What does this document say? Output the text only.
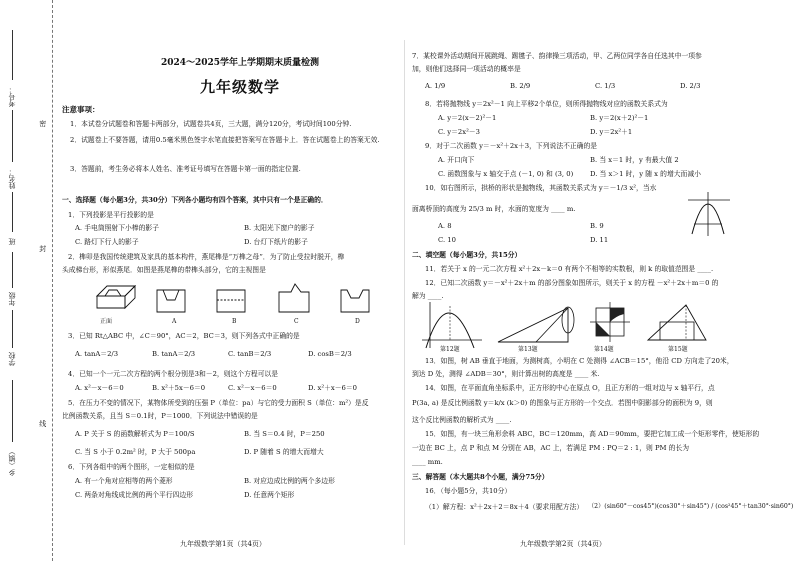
考号：
姓名：
班
年级
学校
乡（镇）
密
封
线
2024～2025学年上学期期末质量检测
九年级数学
注意事项：
1．本试卷分试题卷和答题卡两部分，试题卷共4页，三大题，满分120分，考试时间100分钟.
2．试题卷上不要答题，请用0.5毫米黑色签字水笔直接把答案写在答题卡上．答在试题卷上的答案无效.
3．答题前，考生务必将本人姓名、准考证号填写在答题卡第一面的指定位置.
一、选择题（每小题3分，共30分）下列各小题均有四个答案，其中只有一个是正确的．
1．下列投影是平行投影的是
A. 手电筒照射下小棒的影子	B. 太阳光下窗户的影子
C. 路灯下行人的影子	D. 台灯下纸片的影子
2．榫卯是我国传统建筑及家具的基本构件，燕尾榫是“万榫之母”．为了防止受拉时脱开，榫
头成梯台形，形似燕尾．如图是燕尾榫的带榫头部分，它的主视图是
正面	A	B	C	D
3．已知 Rt△ABC 中，∠C＝90°，AC＝2，BC＝3，则下列各式中正确的是
A. tanA＝2/3	B. tanA＝2/3	C. tanB＝2/3	D. cosB＝2/3
4．已知一个一元二次方程的两个根分别是3和－2，则这个方程可以是
A. x²－x－6＝0	B. x²＋5x－6＝0	C. x²－x－6＝0	D. x²＋x－6＝0
5．在压力不变的情况下，某物体所受到的压强 P（单位：pa）与它的受力面积 S（单位：m²）是反
比例函数关系，且当 S＝0.1时，P＝1000．下列说法中错误的是
A. P 关于 S 的函数解析式为 P＝100/S	B. 当 S＝0.4 时，P＝250
C. 当 S 小于 0.2m² 时，P 大于 500pa	D. P 随着 S 的增大而增大
6．下列各组中的两个图形，一定相似的是
A. 有一个角对应相等的两个菱形	B. 对应边成比例的两个多边形
C. 两条对角线成比例的两个平行四边形	D. 任意两个矩形
九年级数学第1页（共4页）
7．某校课外活动期间开展跳绳、踢毽子、韵律操三项活动，甲、乙两位同学各自任选其中一项参
加，则他们选择同一项活动的概率是
A. 1/9	B. 2/9	C. 1/3	D. 2/3
8．若将抛物线 y＝2x²－1 向上平移2个单位，则所得抛物线对应的函数关系式为
A. y＝2(x－2)²－1	B. y＝2(x＋2)²－1
C. y＝2x²－3	D. y＝2x²＋1
9．对于二次函数 y＝－x²＋2x＋3，下列说法不正确的是
A. 开口向下	B. 当 x＝1 时，y 有最大值 2
C. 函数图象与 x 轴交于点 (－1, 0) 和 (3, 0) D. 当 x＞1 时，y 随 x 的增大而减小
10．如右图所示，拱桥的形状是抛物线，其函数关系式为 y＝－1/3 x²，当水
面离桥顶的高度为 25/3 m 时，水面的宽度为 ____ m.
A. 8	B. 9
C. 10	D. 11
二、填空题（每小题3分，共15分）
11．若关于 x 的一元二次方程 x²＋2x－k＝0 有两个不相等的实数根，则 k 的取值范围是 ____.
12．已知二次函数 y＝－x²＋2x＋m 的部分图象如图所示，则关于 x 的方程 －x²＋2x＋m＝0 的
解为 ____.
第12题	第13题	第14题	第15题
13．如图，树 AB 垂直于地面，为测树高，小明在 C 处测得 ∠ACB＝15°，他沿 CD 方向走了20米，
到达 D 处，测得 ∠ADB＝30°，则计算出树的高度是 ____ 米.
14．如图，在平面直角坐标系中，正方形的中心在原点 O，且正方形的一组对边与 x 轴平行，点
P(3a, a) 是反比例函数 y＝k/x (k＞0) 的图象与正方形的一个交点．若图中阴影部分的面积为 9，则
这个反比例函数的解析式为 ____.
15．如图，有一块三角形余料 ABC，BC＝120mm，高 AD＝90mm，要把它加工成一个矩形零件，使矩形的
一边在 BC 上，点 P 和点 M 分别在 AB，AC 上，若满足 PM : PQ＝2 : 1，则 PM 的长为
____ mm.
三、解答题（本大题共8个小题，满分75分）
16．（每小题5分，共10分）
（1）解方程：x²＋2x＋2＝8x＋4（要求用配方法） （2）(sin60°－cos45°)(cos30°＋sin45°) / (cos²45°＋tan30°·sin60°)
九年级数学第2页（共4页）
